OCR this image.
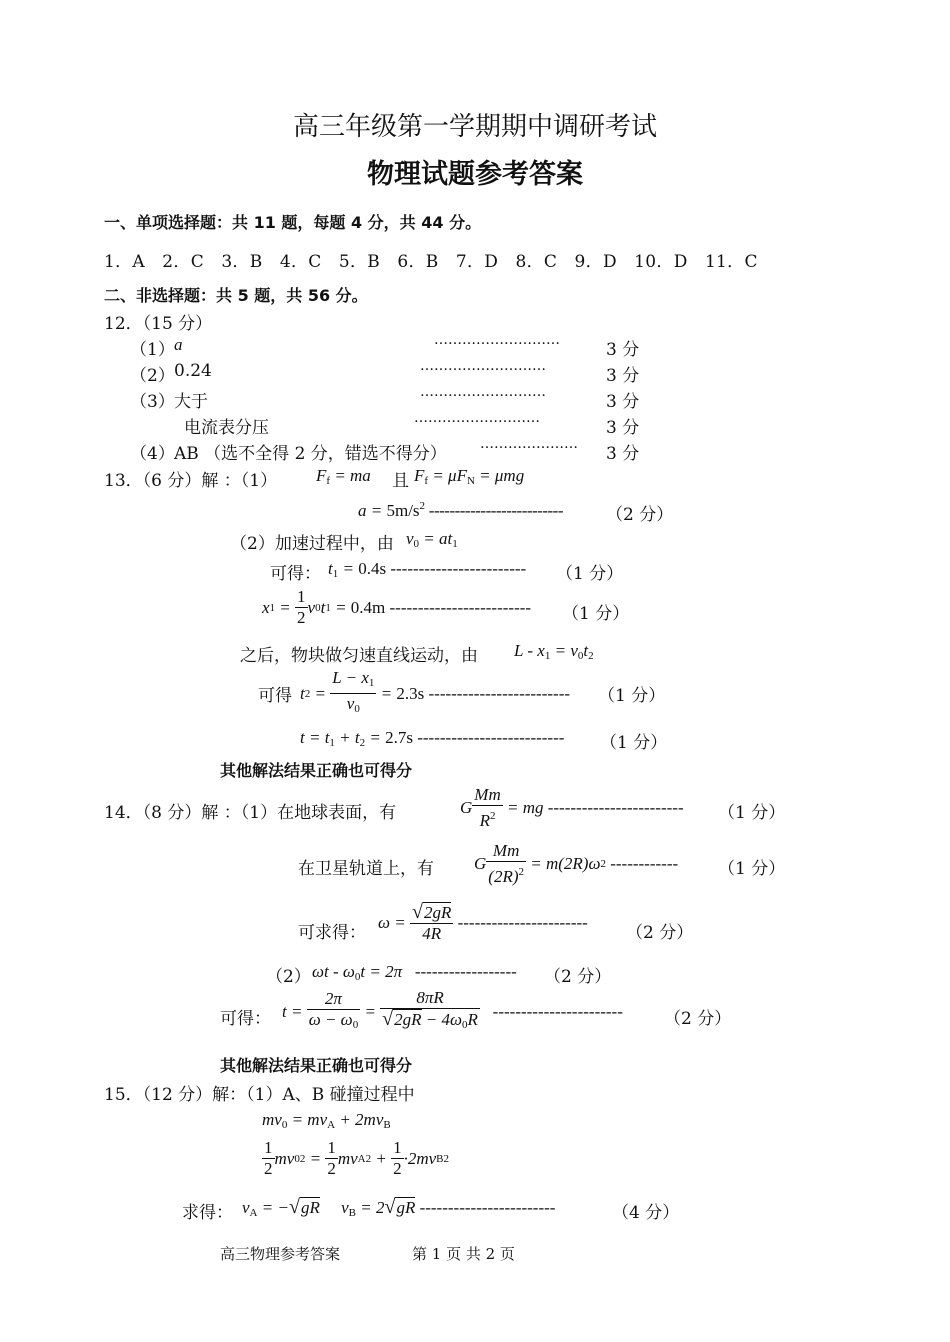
高三年级第一学期期中调研考试
物理试题参考答案
一、单项选择题：共 11 题，每题 4 分，共 44 分。
1．A　2．C　3．B　4．C　5．B　6．B　7．D　8．C　9．D　10．D　11．C
二、非选择题：共 5 题，共 56 分。
12．（15 分）
（1） a	………………………	3 分
（2） 0.24	………………………	3 分
（3） 大于	………………………	3 分
电流表分压	………………………	3 分
（4） AB （选不全得 2 分，错选不得分） ………………… 3 分
13．（6 分）解 ：（1） $F_f$ = ma 且 $F_f = \mu F_N = \mu mg$
$a = 5m/s^2$ --------------------------	（2 分）
（2）加速过程中，由 $v_0 = at_1$
可得： $t_1 = 0.4s$ ------------------------ （1 分）
x $1 = \frac{1}{2}$ v 0 t 1 = 0.4m ------------------------- （1 分）
之后，物块做匀速直线运动，由 $L - x_1 = v_0t_2$
可得 t $2 = \frac{L - x_1}{v_0} = 2.3s$ ------------------------- （1 分）
$t = t_1 + t_2 = 2.7s$ -------------------------- （1 分）
其他解法结果正确也可得分
14．（8 分）解 ：（1）在地球表面，有	G $\frac{Mm}{R^2}$ = mg ------------------------ （1 分）
在卫星轨道上，有 G $\frac{Mm}{(2R)^2} = m(2R)\omega$ 2 ------------ （1 分）
可求得：
$\omega = \frac{√2gR}{4R}$ -----------------------
（2 分）
（2） $\omega t - \omega_0t = 2\pi$   ------------------ （2 分）
可得： $t = \frac{2\pi}{\omega - \omega_0} = \frac{8\pi R}{√2gR - 4\omega_0R}$ ----------------------- （2 分）
其他解法结果正确也可得分
15．（12 分）解：（1）A、B 碰撞过程中
$mv_0 = mv_A + 2mv_B$
$\frac{1}{2}$ mv 0 $2 = \frac{1}{2}$ mv A $2 + \frac{1}{2} \cdot 2mv$ B 2
求得： $v_A = -√gR$     $v_B = 2√gR$ ------------------------	（4 分）
高三物理参考答案	第 1 页 共 2 页
